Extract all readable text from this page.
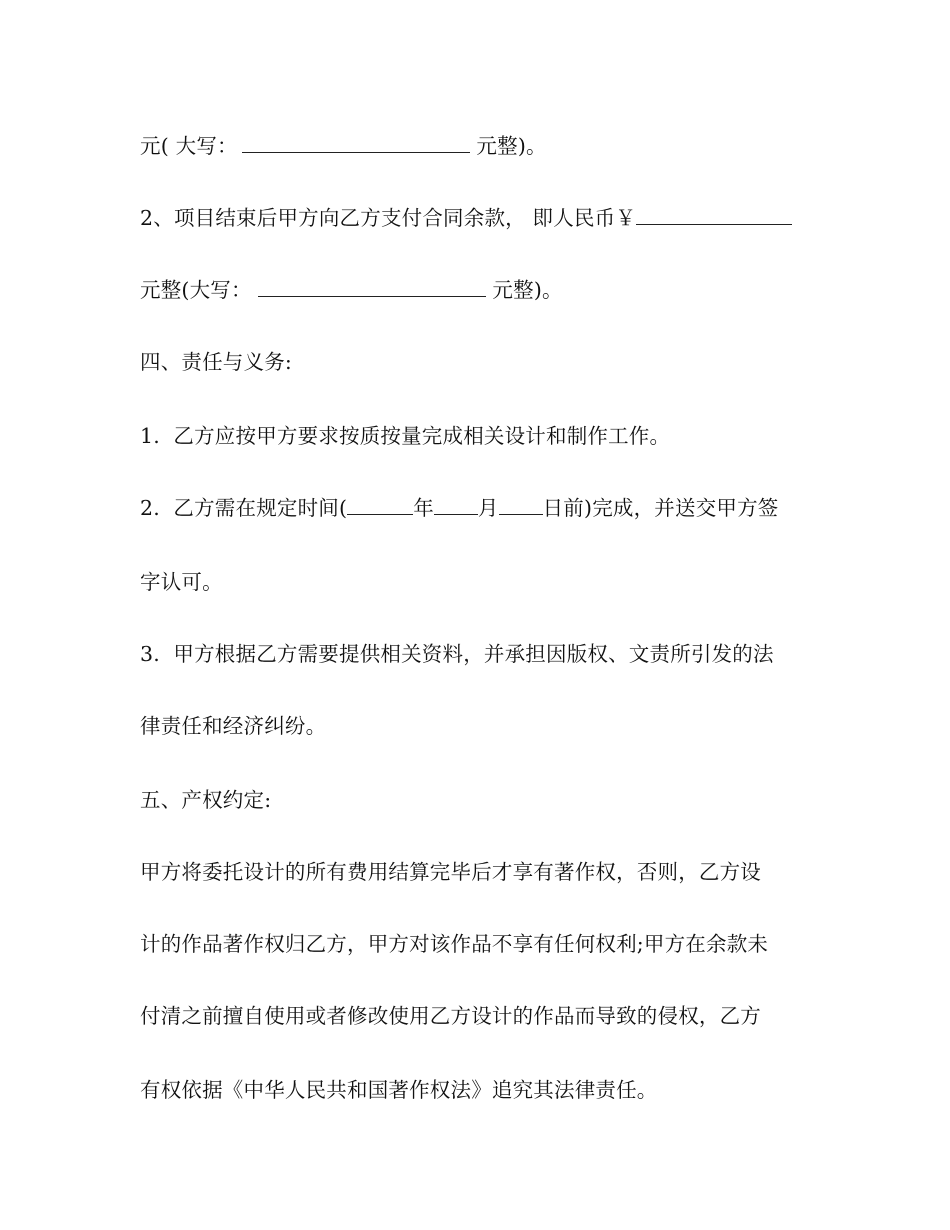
元( 大写：	元整)。
2、项目结束后甲方向乙方支付合同余款， 即人民币￥
元整(大写：	元整)。
四、责任与义务:
1.  乙方应按甲方要求按质按量完成相关设计和制作工作。
2.  乙方需在规定时间(	年 月 日前)完成，并送交甲方签
字认可。
3.  甲方根据乙方需要提供相关资料，并承担因版权、文责所引发的法
律责任和经济纠纷。
五、产权约定:
甲方将委托设计的所有费用结算完毕后才享有著作权，否则，乙方设
计的作品著作权归乙方，甲方对该作品不享有任何权利;甲方在余款未
付清之前擅自使用或者修改使用乙方设计的作品而导致的侵权，乙方
有权依据《中华人民共和国著作权法》追究其法律责任。
